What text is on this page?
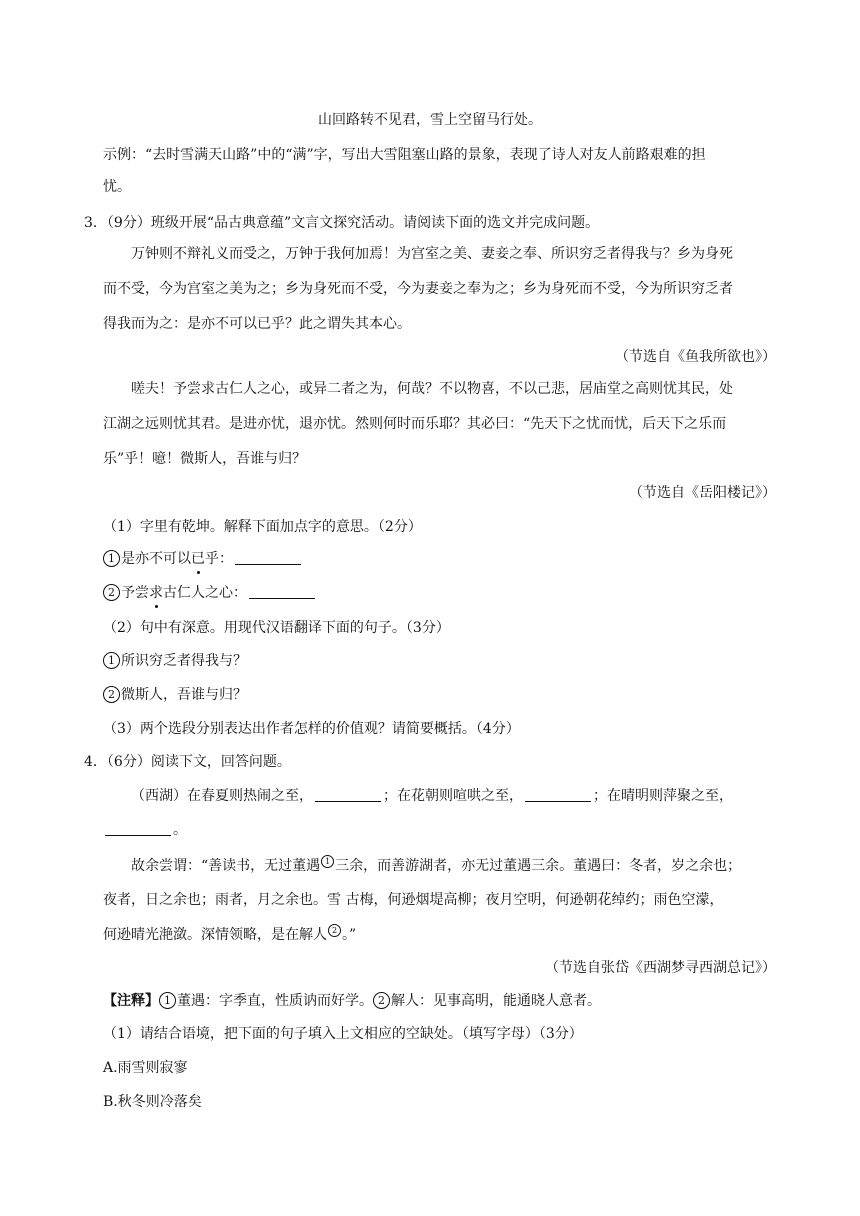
山回路转不见君，雪上空留马行处。
示例：“去时雪满天山路”中的“满”字，写出大雪阻塞山路的景象，表现了诗人对友人前路艰难的担
忧。
3．（9分）班级开展“品古典意蕴”文言文探究活动。请阅读下面的选文并完成问题。
万钟则不辩礼义而受之，万钟于我何加焉！为宫室之美、妻妾之奉、所识穷乏者得我与？乡为身死
而不受，今为宫室之美为之；乡为身死而不受，今为妻妾之奉为之；乡为身死而不受，今为所识穷乏者
得我而为之：是亦不可以已乎？此之谓失其本心。
（节选自《鱼我所欲也》）
嗟夫！予尝求古仁人之心，或异二者之为，何哉？不以物喜，不以己悲，居庙堂之高则忧其民，处
江湖之远则忧其君。是进亦忧，退亦忧。然则何时而乐耶？其必曰：“先天下之忧而忧，后天下之乐而
乐”乎！噫！微斯人，吾谁与归？
（节选自《岳阳楼记》）
（1）字里有乾坤。解释下面加点字的意思。（2分）
1 是亦不可以已乎：
2 予尝求古仁人之心：
（2）句中有深意。用现代汉语翻译下面的句子。（3分）
1 所识穷乏者得我与？
2 微斯人，吾谁与归？
（3）两个选段分别表达出作者怎样的价值观？请简要概括。（4分）
4．（6分）阅读下文，回答问题。
（西湖）在春夏则热闹之至，	；在花朝则喧哄之至，	；在晴明则萍聚之至，
。
故余尝谓：“善读书，无过董遇 1 三余，而善游湖者，亦无过董遇三余。董遇曰：冬者，岁之余也；
夜者，日之余也；雨者，月之余也。雪 古梅，何逊烟堤高柳；夜月空明，何逊朝花绰约；雨色空濛，
何逊晴光滟潋。深情领略，是在解人 2 。”
（节选自张岱《西湖梦寻西湖总记》）
【注释】 1 董遇：字季直，性质讷而好学。 2 解人：见事高明，能通晓人意者。
（1）请结合语境，把下面的句子填入上文相应的空缺处。（填写字母）（3分）
A.雨雪则寂寥
B.秋冬则冷落矣
